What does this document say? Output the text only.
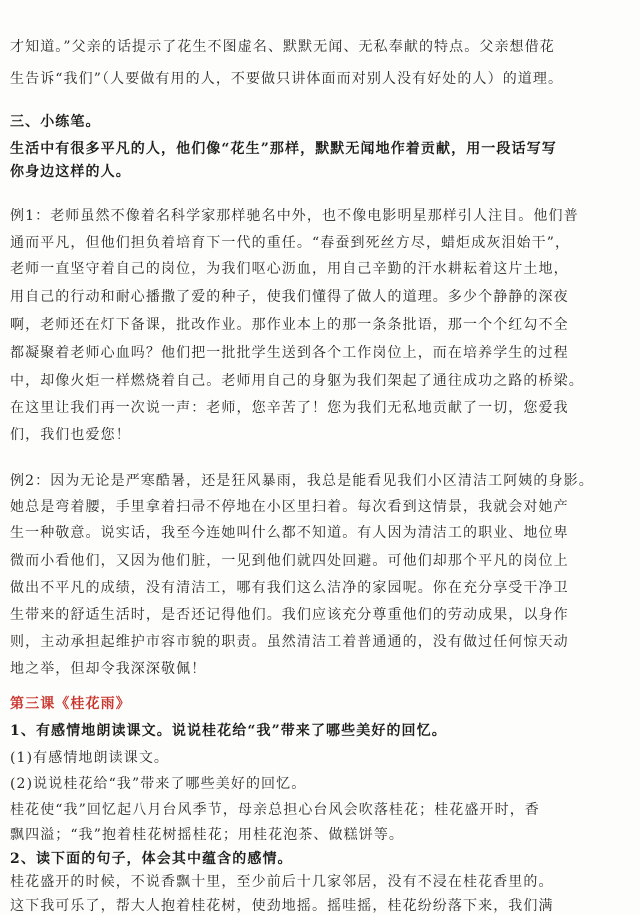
才知道。”父亲的话提示了花生不图虚名、默默无闻、无私奉献的特点。父亲想借花
生告诉“我们”（人要做有用的人，不要做只讲体面而对别人没有好处的人）的道理。
三、小练笔。
生活中有很多平凡的人，他们像“花生”那样，默默无闻地作着贡献，用一段话写写
你身边这样的人。
例1：老师虽然不像着名科学家那样驰名中外，也不像电影明星那样引人注目。他们普
通而平凡，但他们担负着培育下一代的重任。“春蚕到死丝方尽，蜡炬成灰泪始干”，
老师一直坚守着自己的岗位，为我们呕心沥血，用自己辛勤的汗水耕耘着这片土地，
用自己的行动和耐心播撒了爱的种子，使我们懂得了做人的道理。多少个静静的深夜
啊，老师还在灯下备课，批改作业。那作业本上的那一条条批语，那一个个红勾不全
都凝聚着老师心血吗？他们把一批批学生送到各个工作岗位上，而在培养学生的过程
中，却像火炬一样燃烧着自己。老师用自己的身躯为我们架起了通往成功之路的桥梁。
在这里让我们再一次说一声：老师，您辛苦了！您为我们无私地贡献了一切，您爱我
们，我们也爱您！
例2：因为无论是严寒酷暑，还是狂风暴雨，我总是能看见我们小区清洁工阿姨的身影。
她总是弯着腰，手里拿着扫帚不停地在小区里扫着。每次看到这情景，我就会对她产
生一种敬意。说实话，我至今连她叫什么都不知道。有人因为清洁工的职业、地位卑
微而小看他们，又因为他们脏，一见到他们就四处回避。可他们却那个平凡的岗位上
做出不平凡的成绩，没有清洁工，哪有我们这么洁净的家园呢。你在充分享受干净卫
生带来的舒适生活时，是否还记得他们。我们应该充分尊重他们的劳动成果，以身作
则，主动承担起维护市容市貌的职责。虽然清洁工着普通通的，没有做过任何惊天动
地之举，但却令我深深敬佩！
第三课《桂花雨》
1、有感情地朗读课文。说说桂花给“我”带来了哪些美好的回忆。
(1)有感情地朗读课文。
(2)说说桂花给“我”带来了哪些美好的回忆。
桂花使“我”回忆起八月台风季节，母亲总担心台风会吹落桂花；桂花盛开时，香
飘四溢；“我”抱着桂花树摇桂花；用桂花泡茶、做糕饼等。
2、读下面的句子，体会其中蕴含的感情。
桂花盛开的时候，不说香飘十里，至少前后十几家邻居，没有不浸在桂花香里的。
这下我可乐了，帮大人抱着桂花树，使劲地摇。摇哇摇，桂花纷纷落下来，我们满
